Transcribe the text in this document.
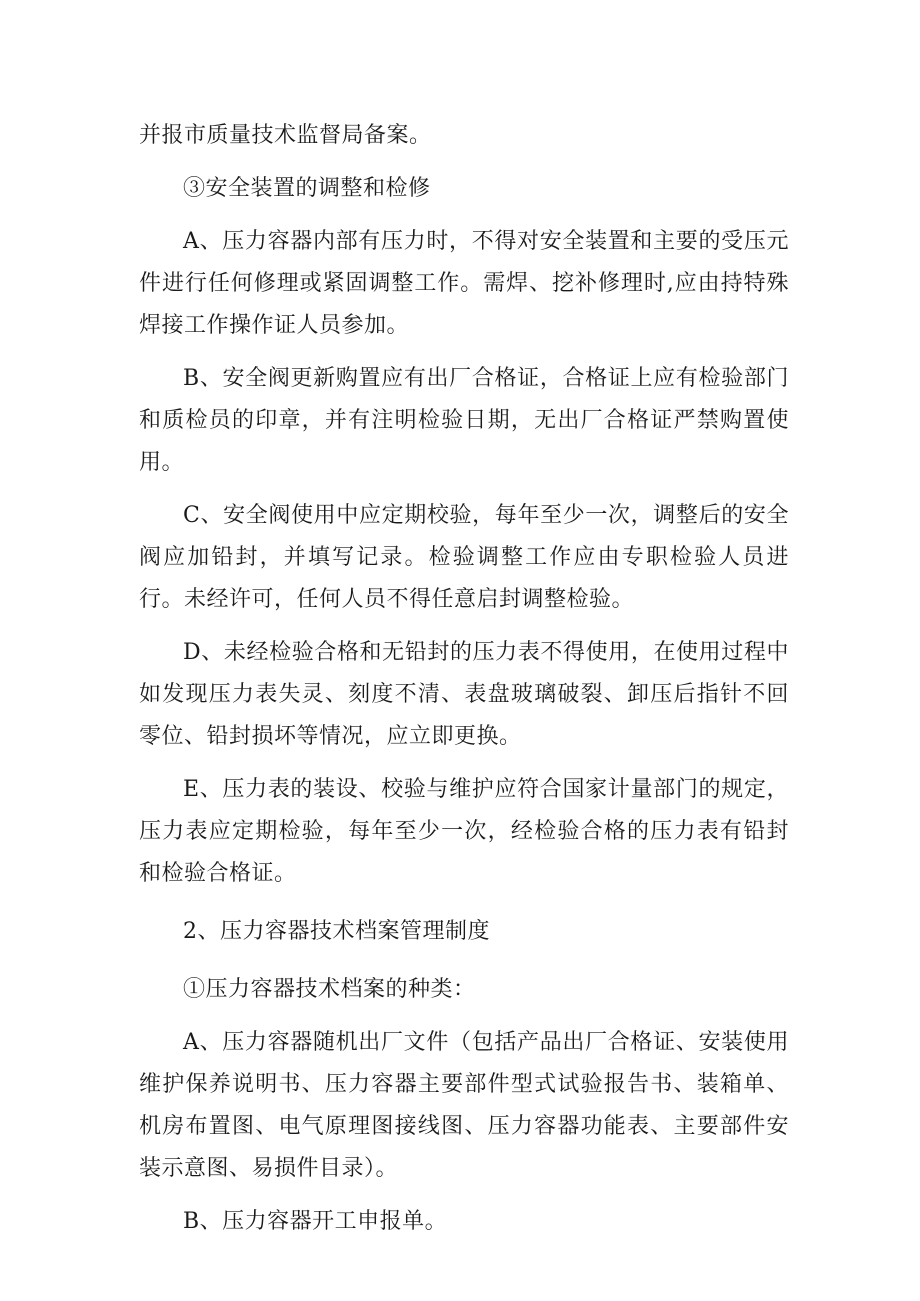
并报市质量技术监督局备案。

③安全装置的调整和检修

A、压力容器内部有压力时，不得对安全装置和主要的受压元件进行任何修理或紧固调整工作。需焊、挖补修理时,应由持特殊焊接工作操作证人员参加。

B、安全阀更新购置应有出厂合格证，合格证上应有检验部门和质检员的印章，并有注明检验日期，无出厂合格证严禁购置使用。

C、安全阀使用中应定期校验，每年至少一次，调整后的安全阀应加铅封，并填写记录。检验调整工作应由专职检验人员进行。未经许可，任何人员不得任意启封调整检验。

D、未经检验合格和无铅封的压力表不得使用，在使用过程中如发现压力表失灵、刻度不清、表盘玻璃破裂、卸压后指针不回零位、铅封损坏等情况，应立即更换。

E、压力表的装设、校验与维护应符合国家计量部门的规定，压力表应定期检验，每年至少一次，经检验合格的压力表有铅封和检验合格证。

2、压力容器技术档案管理制度

①压力容器技术档案的种类：

A、压力容器随机出厂文件（包括产品出厂合格证、安装使用维护保养说明书、压力容器主要部件型式试验报告书、装箱单、机房布置图、电气原理图接线图、压力容器功能表、主要部件安装示意图、易损件目录）。

B、压力容器开工申报单。
